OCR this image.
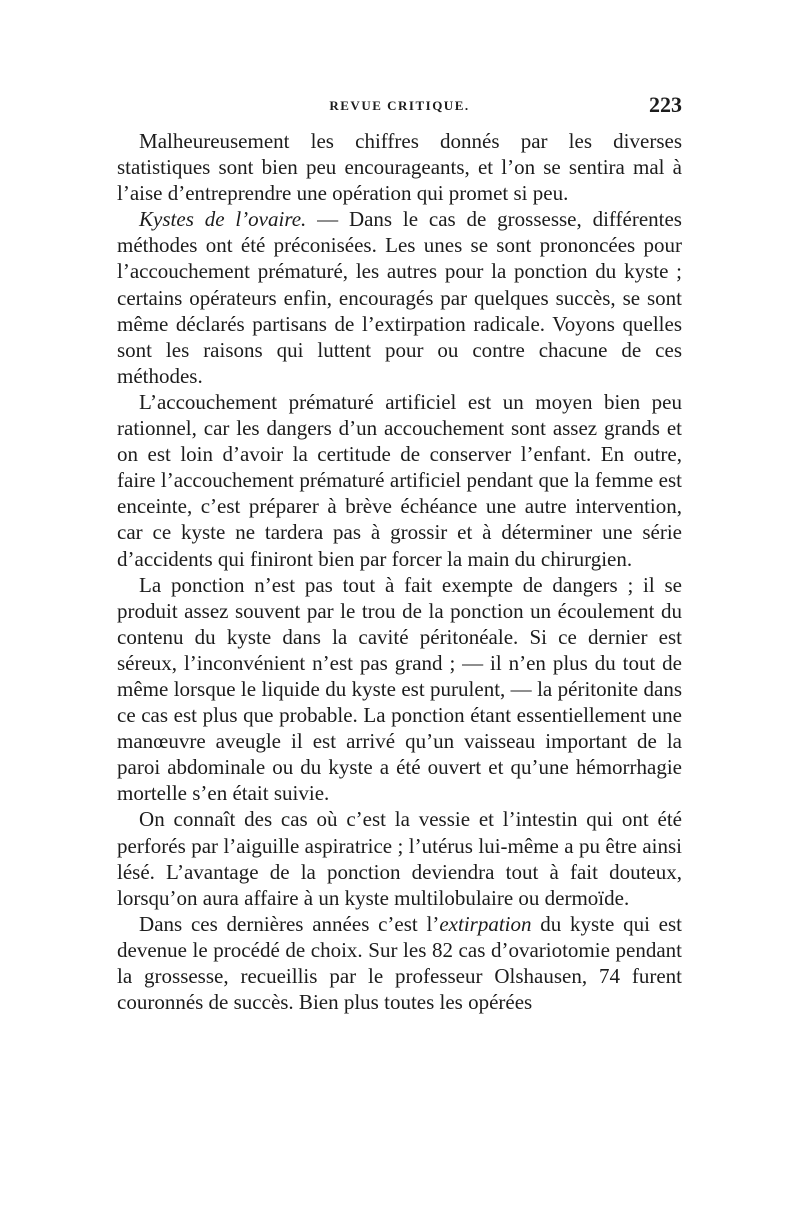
REVUE CRITIQUE.	223

Malheureusement les chiffres donnés par les diverses statistiques sont bien peu encourageants, et l’on se sentira mal à l’aise d’entreprendre une opération qui promet si peu.

Kystes de l’ovaire. — Dans le cas de grossesse, différentes méthodes ont été préconisées. Les unes se sont prononcées pour l’accouchement prématuré, les autres pour la ponction du kyste ; certains opérateurs enfin, encouragés par quelques succès, se sont même déclarés partisans de l’extirpation radicale. Voyons quelles sont les raisons qui luttent pour ou contre chacune de ces méthodes.

L’accouchement prématuré artificiel est un moyen bien peu rationnel, car les dangers d’un accouchement sont assez grands et on est loin d’avoir la certitude de conserver l’enfant. En outre, faire l’accouchement prématuré artificiel pendant que la femme est enceinte, c’est préparer à brève échéance une autre intervention, car ce kyste ne tardera pas à grossir et à déterminer une série d’accidents qui finiront bien par forcer la main du chirurgien.

La ponction n’est pas tout à fait exempte de dangers ; il se produit assez souvent par le trou de la ponction un écoulement du contenu du kyste dans la cavité péritonéale. Si ce dernier est séreux, l’inconvénient n’est pas grand ; — il n’en plus du tout de même lorsque le liquide du kyste est purulent, — la péritonite dans ce cas est plus que probable. La ponction étant essentiellement une manœuvre aveugle il est arrivé qu’un vaisseau important de la paroi abdominale ou du kyste a été ouvert et qu’une hémorrhagie mortelle s’en était suivie.

On connaît des cas où c’est la vessie et l’intestin qui ont été perforés par l’aiguille aspiratrice ; l’utérus lui-même a pu être ainsi lésé. L’avantage de la ponction deviendra tout à fait douteux, lorsqu’on aura affaire à un kyste multilobulaire ou dermoïde.

Dans ces dernières années c’est l’extirpation du kyste qui est devenue le procédé de choix. Sur les 82 cas d’ovariotomie pendant la grossesse, recueillis par le professeur Olshausen, 74 furent couronnés de succès. Bien plus toutes les opérées
